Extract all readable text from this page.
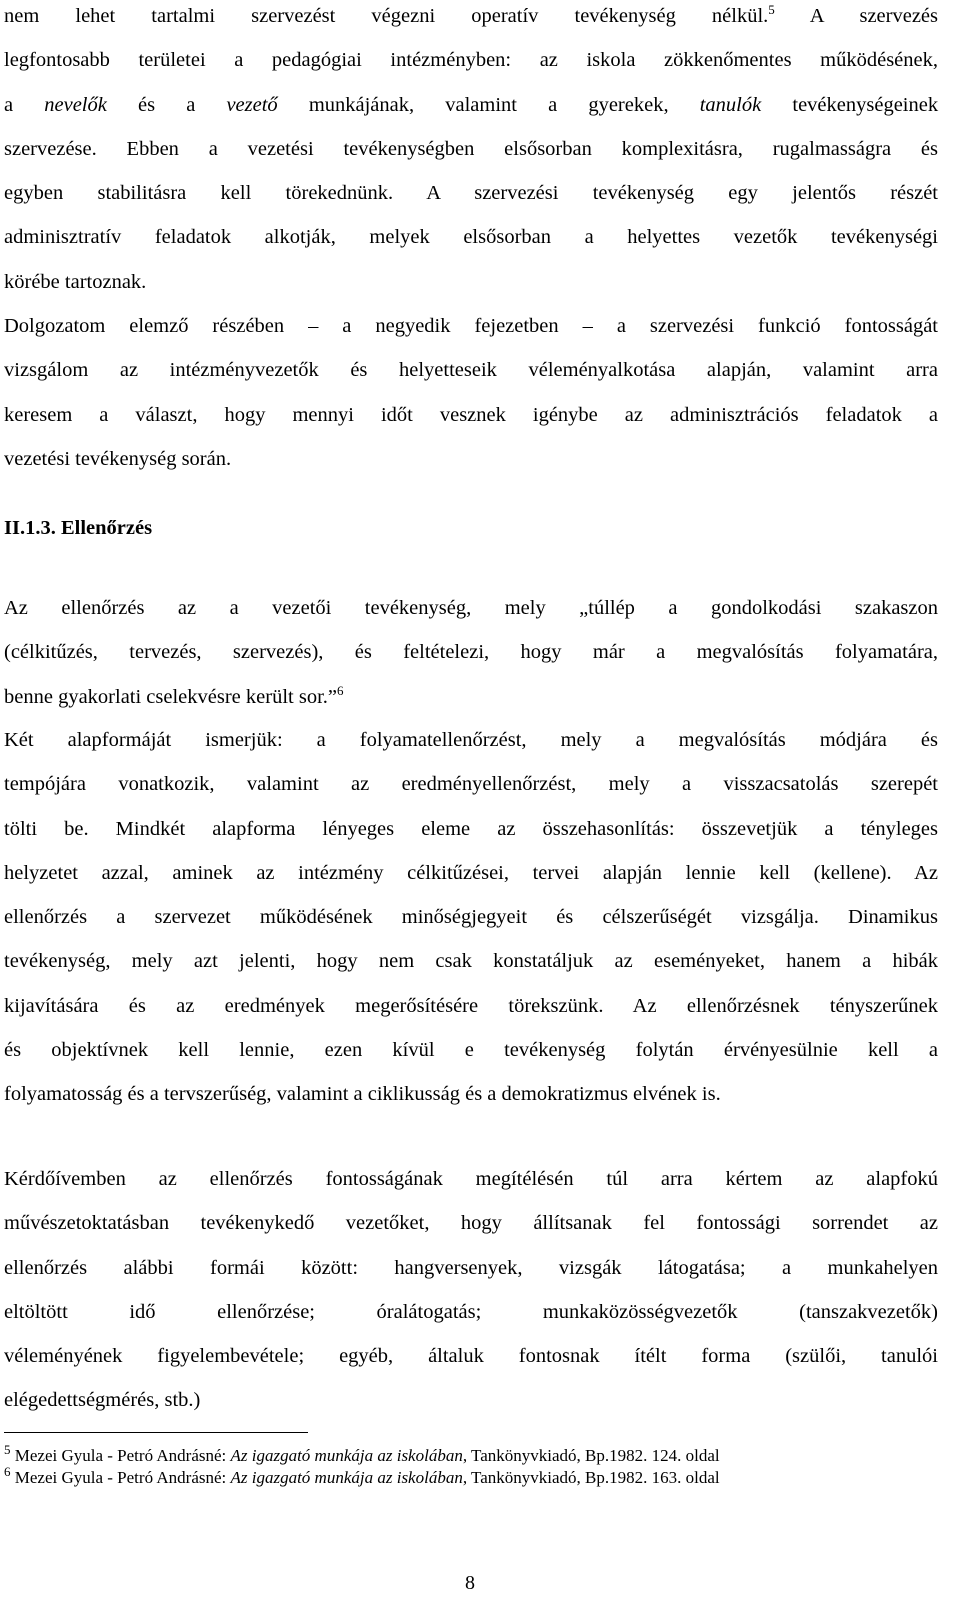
nem lehet tartalmi szervezést végezni operatív tevékenység nélkül.$^5$ A szervezés
legfontosabb területei a pedagógiai intézményben: az iskola zökkenőmentes működésének,
a nevelők és a vezető munkájának, valamint a gyerekek, tanulók tevékenységeinek
szervezése. Ebben a vezetési tevékenységben elsősorban komplexitásra, rugalmasságra és
egyben stabilitásra kell törekednünk. A szervezési tevékenység egy jelentős részét
adminisztratív feladatok alkotják, melyek elsősorban a helyettes vezetők tevékenységi
körébe tartoznak.
Dolgozatom elemző részében – a negyedik fejezetben – a szervezési funkció fontosságát
vizsgálom az intézményvezetők és helyetteseik véleményalkotása alapján, valamint arra
keresem a választ, hogy mennyi időt vesznek igénybe az adminisztrációs feladatok a
vezetési tevékenység során.
II.1.3. Ellenőrzés
Az ellenőrzés az a vezetői tevékenység, mely „túllép a gondolkodási szakaszon
(célkitűzés, tervezés, szervezés), és feltételezi, hogy már a megvalósítás folyamatára,
benne gyakorlati cselekvésre került sor.”$^6$
Két alapformáját ismerjük: a folyamatellenőrzést, mely a megvalósítás módjára és
tempójára vonatkozik, valamint az eredményellenőrzést, mely a visszacsatolás szerepét
tölti be. Mindkét alapforma lényeges eleme az összehasonlítás: összevetjük a tényleges
helyzetet azzal, aminek az intézmény célkitűzései, tervei alapján lennie kell (kellene). Az
ellenőrzés a szervezet működésének minőségjegyeit és célszerűségét vizsgálja. Dinamikus
tevékenység, mely azt jelenti, hogy nem csak konstatáljuk az eseményeket, hanem a hibák
kijavítására és az eredmények megerősítésére törekszünk. Az ellenőrzésnek tényszerűnek
és objektívnek kell lennie, ezen kívül e tevékenység folytán érvényesülnie kell a
folyamatosság és a tervszerűség, valamint a ciklikusság és a demokratizmus elvének is.
Kérdőívemben az ellenőrzés fontosságának megítélésén túl arra kértem az alapfokú
művészetoktatásban tevékenykedő vezetőket, hogy állítsanak fel fontossági sorrendet az
ellenőrzés alábbi formái között: hangversenyek, vizsgák látogatása; a munkahelyen
eltöltött idő ellenőrzése; óralátogatás; munkaközösségvezetők (tanszakvezetők)
véleményének figyelembevétele; egyéb, általuk fontosnak ítélt forma (szülői, tanulói
elégedettségmérés, stb.)
$^5$ Mezei Gyula - Petró Andrásné: Az igazgató munkája az iskolában, Tankönyvkiadó, Bp.1982. 124. oldal
$^6$ Mezei Gyula - Petró Andrásné: Az igazgató munkája az iskolában, Tankönyvkiadó, Bp.1982. 163. oldal
8
